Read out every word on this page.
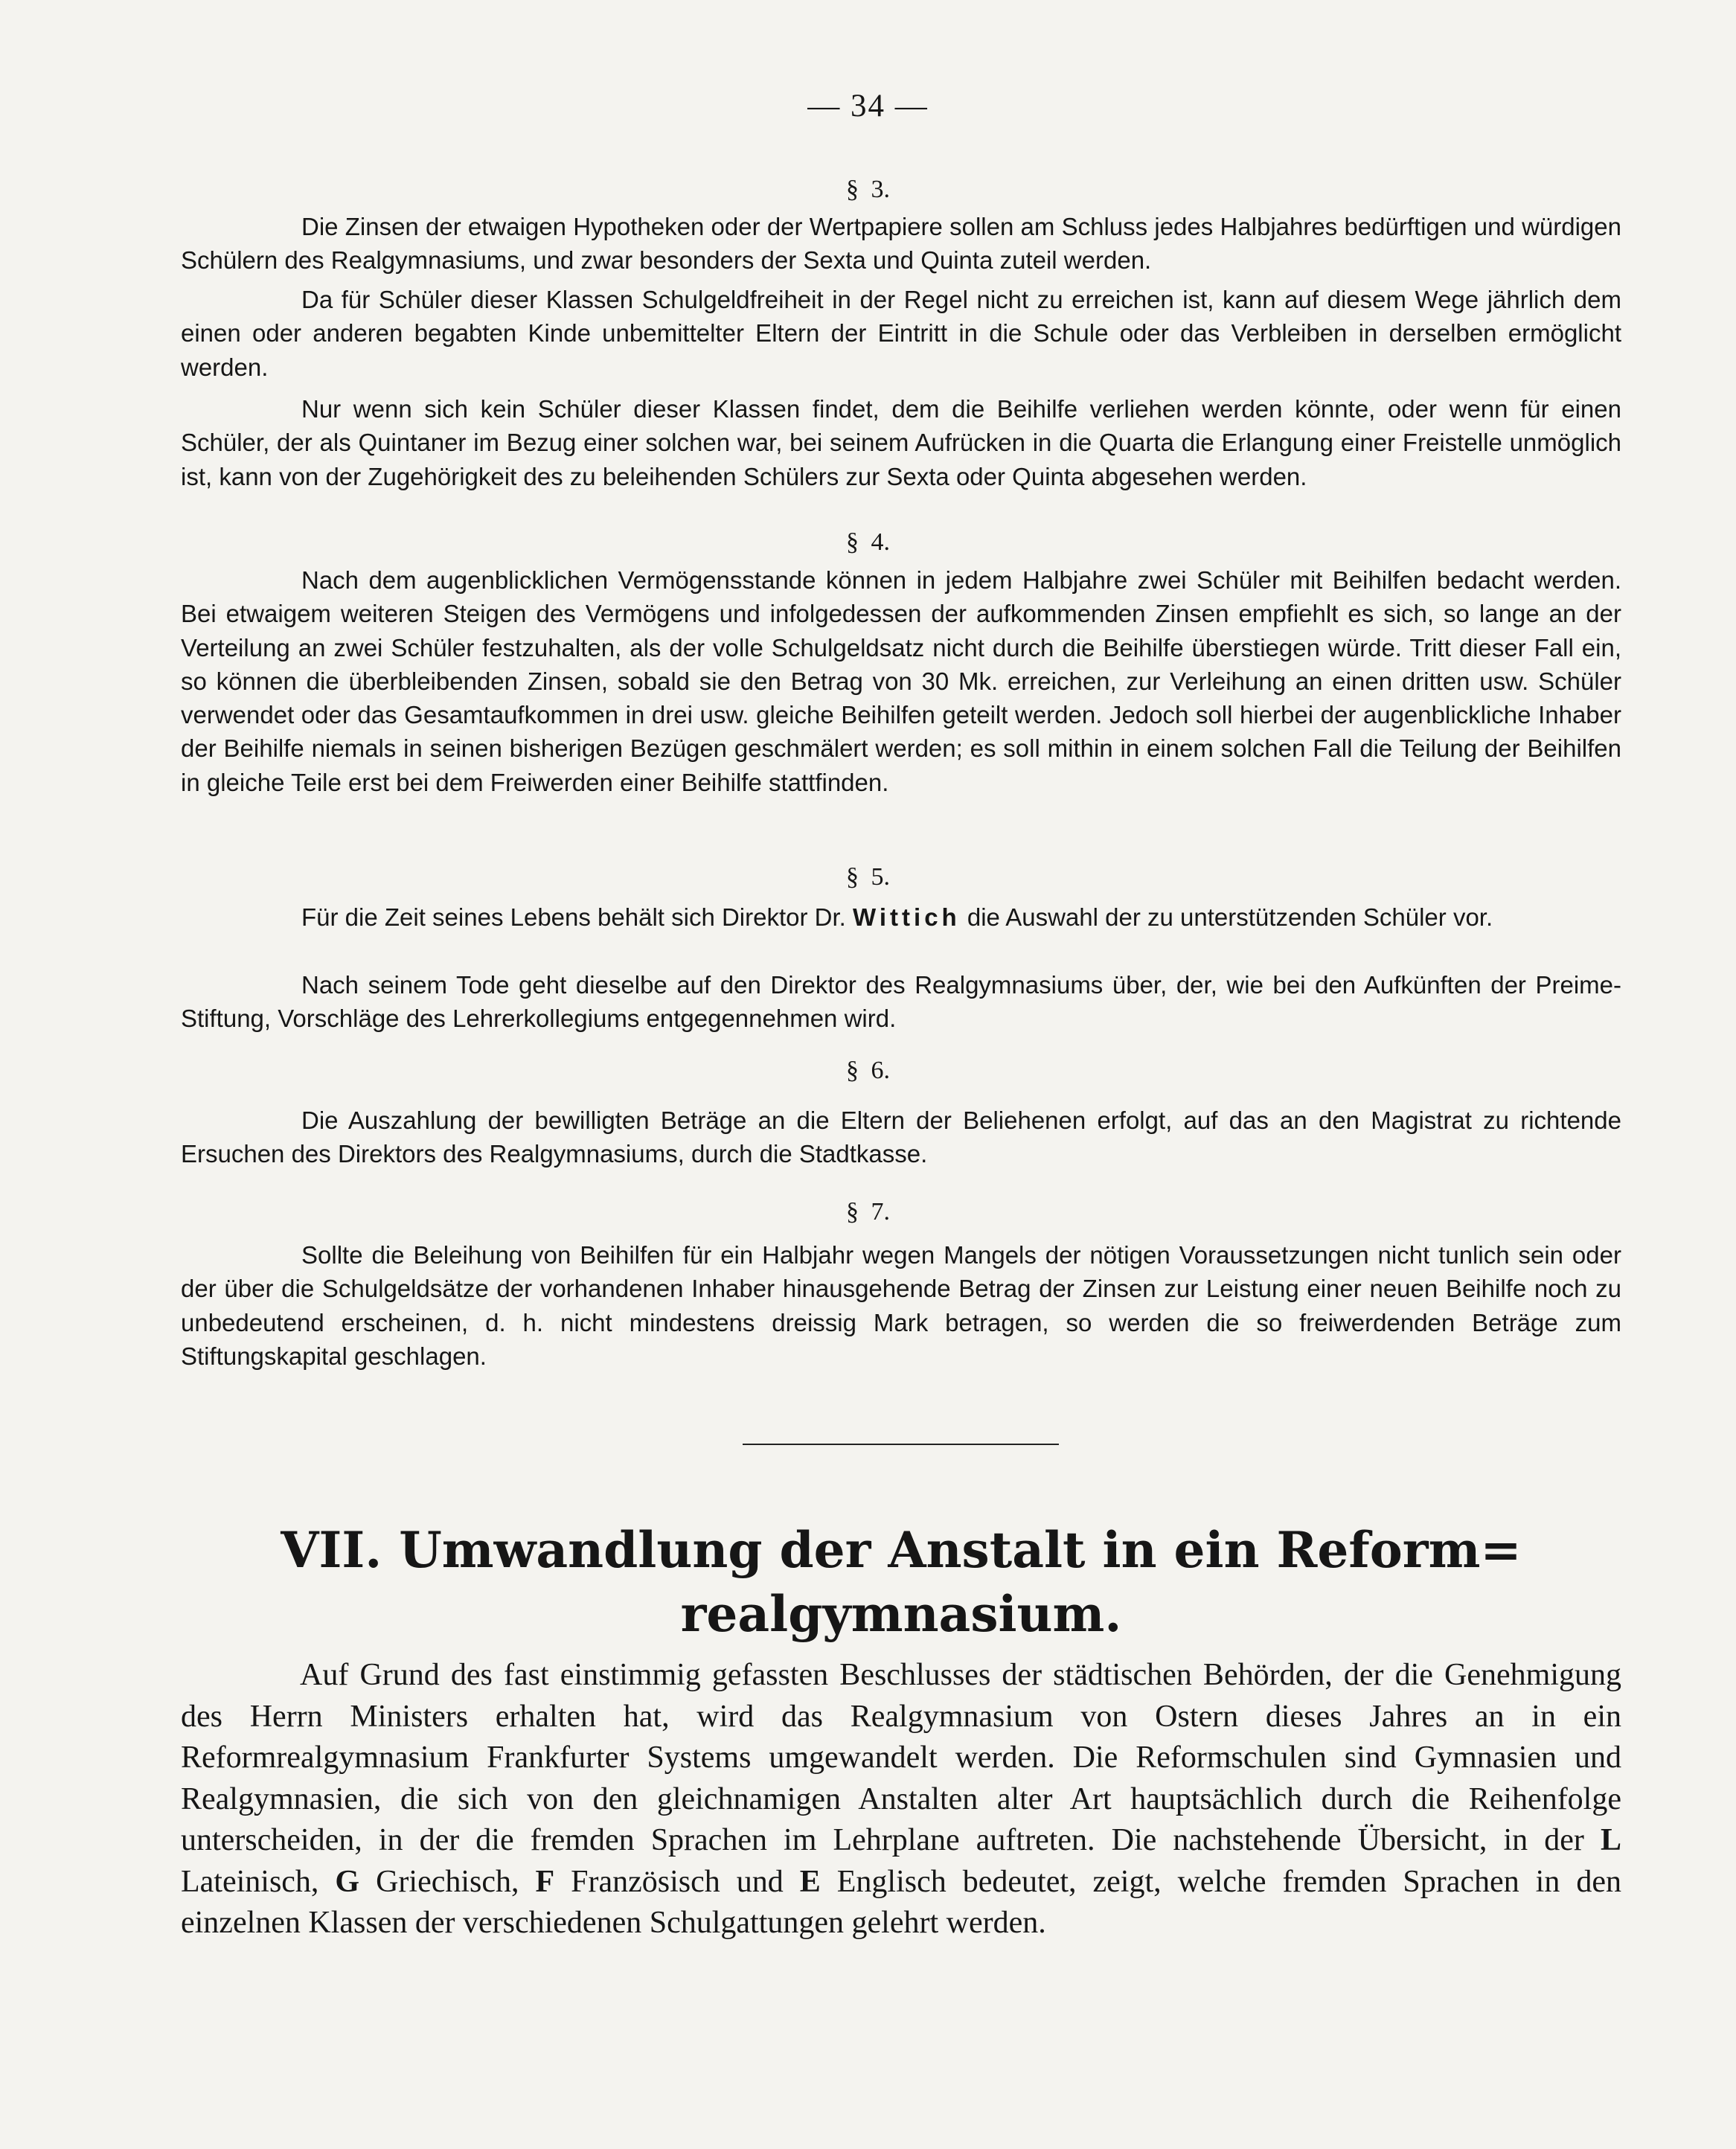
— 34 —
§ 3.

Die Zinsen der etwaigen Hypotheken oder der Wertpapiere sollen am Schluss jedes Halbjahres bedürftigen und würdigen Schülern des Realgymnasiums, und zwar besonders der Sexta und Quinta zuteil werden.

Da für Schüler dieser Klassen Schulgeldfreiheit in der Regel nicht zu erreichen ist, kann auf diesem Wege jährlich dem einen oder anderen begabten Kinde unbemittelter Eltern der Eintritt in die Schule oder das Verbleiben in derselben ermöglicht werden.

Nur wenn sich kein Schüler dieser Klassen findet, dem die Beihilfe verliehen werden könnte, oder wenn für einen Schüler, der als Quintaner im Bezug einer solchen war, bei seinem Aufrücken in die Quarta die Erlangung einer Freistelle unmöglich ist, kann von der Zugehörigkeit des zu beleihenden Schülers zur Sexta oder Quinta abgesehen werden.

§ 4.

Nach dem augenblicklichen Vermögensstande können in jedem Halbjahre zwei Schüler mit Beihilfen bedacht werden. Bei etwaigem weiteren Steigen des Vermögens und infolgedessen der aufkommenden Zinsen empfiehlt es sich, so lange an der Verteilung an zwei Schüler festzuhalten, als der volle Schulgeldsatz nicht durch die Beihilfe überstiegen würde. Tritt dieser Fall ein, so können die überbleibenden Zinsen, sobald sie den Betrag von 30 Mk. erreichen, zur Verleihung an einen dritten usw. Schüler verwendet oder das Gesamtaufkommen in drei usw. gleiche Beihilfen geteilt werden. Jedoch soll hierbei der augenblickliche Inhaber der Beihilfe niemals in seinen bisherigen Bezügen geschmälert werden; es soll mithin in einem solchen Fall die Teilung der Beihilfen in gleiche Teile erst bei dem Freiwerden einer Beihilfe stattfinden.

§ 5.

Für die Zeit seines Lebens behält sich Direktor Dr. Wittich die Auswahl der zu unterstützenden Schüler vor.

Nach seinem Tode geht dieselbe auf den Direktor des Realgymnasiums über, der, wie bei den Aufkünften der Preime-Stiftung, Vorschläge des Lehrerkollegiums entgegennehmen wird.

§ 6.

Die Auszahlung der bewilligten Beträge an die Eltern der Beliehenen erfolgt, auf das an den Magistrat zu richtende Ersuchen des Direktors des Realgymnasiums, durch die Stadtkasse.

§ 7.

Sollte die Beleihung von Beihilfen für ein Halbjahr wegen Mangels der nötigen Voraussetzungen nicht tunlich sein oder der über die Schulgeldsätze der vorhandenen Inhaber hinausgehende Betrag der Zinsen zur Leistung einer neuen Beihilfe noch zu unbedeutend erscheinen, d. h. nicht mindestens dreissig Mark betragen, so werden die so freiwerdenden Beträge zum Stiftungskapital geschlagen.

VII. Umwandlung der Anstalt in ein Reform=
realgymnasium.

Auf Grund des fast einstimmig gefassten Beschlusses der städtischen Behörden, der die Genehmigung des Herrn Ministers erhalten hat, wird das Realgymnasium von Ostern dieses Jahres an in ein Reformrealgymnasium Frankfurter Systems umgewandelt werden. Die Reformschulen sind Gymnasien und Realgymnasien, die sich von den gleichnamigen Anstalten alter Art hauptsächlich durch die Reihenfolge unterscheiden, in der die fremden Sprachen im Lehrplane auftreten. Die nachstehende Übersicht, in der L Lateinisch, G Griechisch, F Französisch und E Englisch bedeutet, zeigt, welche fremden Sprachen in den einzelnen Klassen der verschiedenen Schulgattungen gelehrt werden.
